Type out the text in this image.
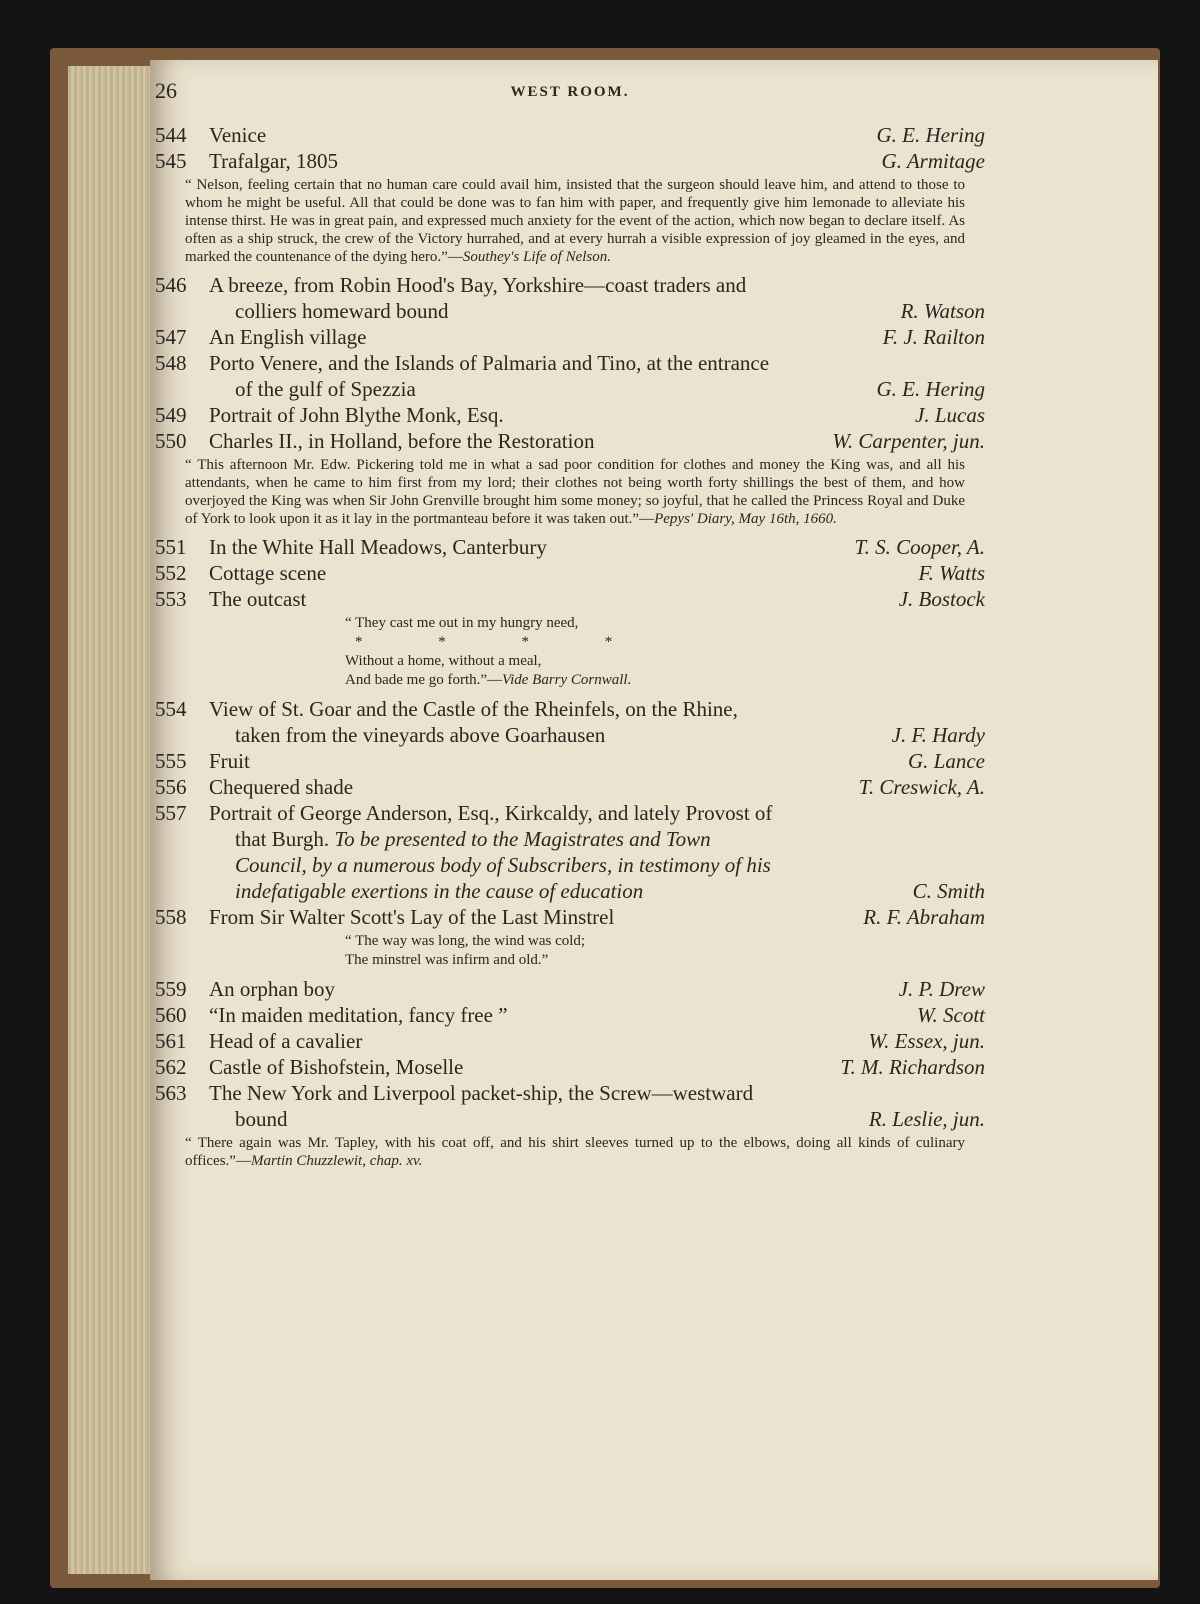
26	WEST ROOM.
544	Venice	G. E. Hering
545	Trafalgar, 1805	G. Armitage
“ Nelson, feeling certain that no human care could avail him, insisted that the surgeon should leave him, and attend to those to whom he might be useful. All that could be done was to fan him with paper, and frequently give him lemonade to alleviate his intense thirst. He was in great pain, and expressed much anxiety for the event of the action, which now began to declare itself. As often as a ship struck, the crew of the Victory hurrahed, and at every hurrah a visible expression of joy gleamed in the eyes, and marked the countenance of the dying hero.”—Southey's Life of Nelson.
546	A breeze, from Robin Hood's Bay, Yorkshire—coast traders and
colliers homeward bound	R. Watson
547	An English village	F. J. Railton
548	Porto Venere, and the Islands of Palmaria and Tino, at the entrance
of the gulf of Spezzia	G. E. Hering
549	Portrait of John Blythe Monk, Esq.	J. Lucas
550	Charles II., in Holland, before the Restoration	W. Carpenter, jun.
“ This afternoon Mr. Edw. Pickering told me in what a sad poor condition for clothes and money the King was, and all his attendants, when he came to him first from my lord; their clothes not being worth forty shillings the best of them, and how overjoyed the King was when Sir John Grenville brought him some money; so joyful, that he called the Princess Royal and Duke of York to look upon it as it lay in the portmanteau before it was taken out.”—Pepys' Diary, May 16th, 1660.
551	In the White Hall Meadows, Canterbury	T. S. Cooper, A.
552	Cottage scene	F. Watts
553	The outcast	J. Bostock
“ They cast me out in my hungry need,
* * * *
Without a home, without a meal,
And bade me go forth.”—Vide Barry Cornwall.
554	View of St. Goar and the Castle of the Rheinfels, on the Rhine,
taken from the vineyards above Goarhausen	J. F. Hardy
555	Fruit	G. Lance
556	Chequered shade	T. Creswick, A.
557	Portrait of George Anderson, Esq., Kirkcaldy, and lately Provost of
that Burgh. To be presented to the Magistrates and Town
Council, by a numerous body of Subscribers, in testimony of his
indefatigable exertions in the cause of education	C. Smith
558	From Sir Walter Scott's Lay of the Last Minstrel	R. F. Abraham
“ The way was long, the wind was cold;
The minstrel was infirm and old.”
559	An orphan boy	J. P. Drew
560	“In maiden meditation, fancy free ”	W. Scott
561	Head of a cavalier	W. Essex, jun.
562	Castle of Bishofstein, Moselle	T. M. Richardson
563	The New York and Liverpool packet-ship, the Screw—westward
bound	R. Leslie, jun.
“ There again was Mr. Tapley, with his coat off, and his shirt sleeves turned up to the elbows, doing all kinds of culinary offices.”—Martin Chuzzlewit, chap. xv.
